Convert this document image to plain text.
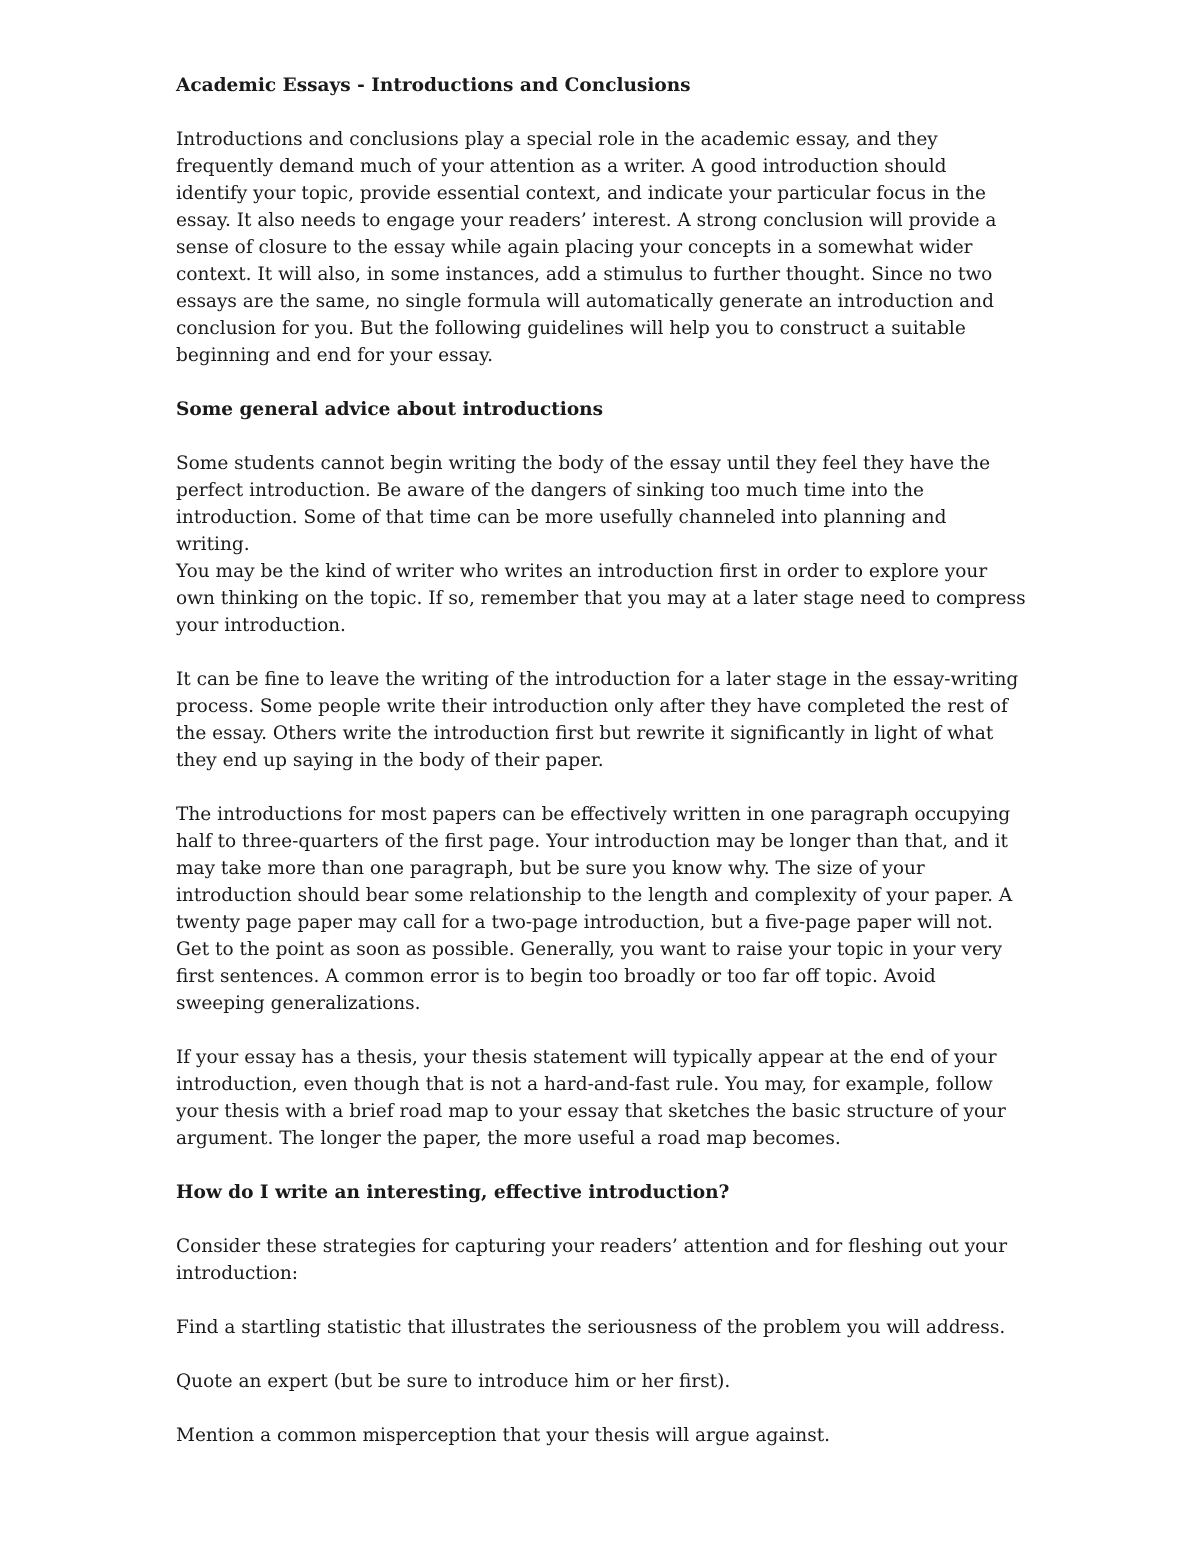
Academic Essays - Introductions and Conclusions
Introductions and conclusions play a special role in the academic essay, and they
frequently demand much of your attention as a writer. A good introduction should
identify your topic, provide essential context, and indicate your particular focus in the
essay. It also needs to engage your readers’ interest. A strong conclusion will provide a
sense of closure to the essay while again placing your concepts in a somewhat wider
context. It will also, in some instances, add a stimulus to further thought. Since no two
essays are the same, no single formula will automatically generate an introduction and
conclusion for you. But the following guidelines will help you to construct a suitable
beginning and end for your essay.
Some general advice about introductions
Some students cannot begin writing the body of the essay until they feel they have the
perfect introduction. Be aware of the dangers of sinking too much time into the
introduction. Some of that time can be more usefully channeled into planning and
writing.
You may be the kind of writer who writes an introduction first in order to explore your
own thinking on the topic. If so, remember that you may at a later stage need to compress
your introduction.
It can be fine to leave the writing of the introduction for a later stage in the essay-writing
process. Some people write their introduction only after they have completed the rest of
the essay. Others write the introduction first but rewrite it significantly in light of what
they end up saying in the body of their paper.
The introductions for most papers can be effectively written in one paragraph occupying
half to three-quarters of the first page. Your introduction may be longer than that, and it
may take more than one paragraph, but be sure you know why. The size of your
introduction should bear some relationship to the length and complexity of your paper. A
twenty page paper may call for a two-page introduction, but a five-page paper will not.
Get to the point as soon as possible. Generally, you want to raise your topic in your very
first sentences. A common error is to begin too broadly or too far off topic. Avoid
sweeping generalizations.
If your essay has a thesis, your thesis statement will typically appear at the end of your
introduction, even though that is not a hard-and-fast rule. You may, for example, follow
your thesis with a brief road map to your essay that sketches the basic structure of your
argument. The longer the paper, the more useful a road map becomes.
How do I write an interesting, effective introduction?
Consider these strategies for capturing your readers’ attention and for fleshing out your
introduction:
Find a startling statistic that illustrates the seriousness of the problem you will address.
Quote an expert (but be sure to introduce him or her first).
Mention a common misperception that your thesis will argue against.
